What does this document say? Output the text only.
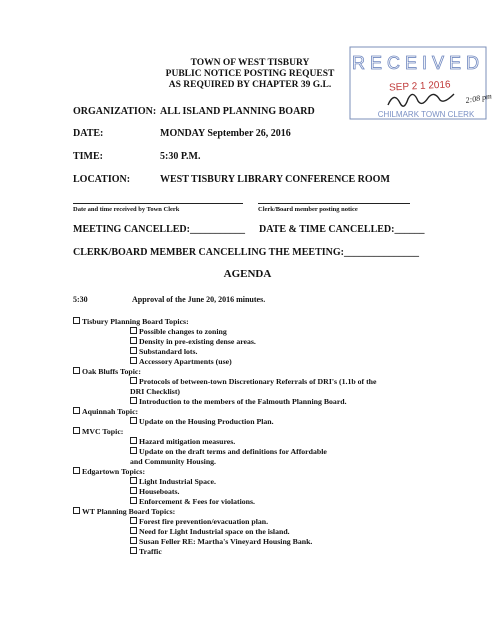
TOWN OF WEST TISBURY
PUBLIC NOTICE POSTING REQUEST
AS REQUIRED BY CHAPTER 39 G.L.
RECEIVED
SEP 2 1 2016
CHILMARK TOWN CLERK
2:08 pm
ORGANIZATION: ALL ISLAND PLANNING BOARD
DATE:	MONDAY September 26, 2016
TIME:	5:30 P.M.
LOCATION:	WEST TISBURY LIBRARY CONFERENCE ROOM
Date and time received by Town Clerk	Clerk/Board member posting notice
MEETING CANCELLED:___________ DATE & TIME CANCELLED:______
CLERK/BOARD MEMBER CANCELLING THE MEETING:_______________
AGENDA
5:30	Approval of the June 20, 2016 minutes.
Tisbury Planning Board Topics:
Possible changes to zoning
Density in pre-existing dense areas.
Substandard lots.
Accessory Apartments (use)
Oak Bluffs Topic:
Protocols of between-town Discretionary Referrals of DRI's (1.1b of the
DRI Checklist)
Introduction to the members of the Falmouth Planning Board.
Aquinnah Topic:
Update on the Housing Production Plan.
MVC Topic:
Hazard mitigation measures.
Update on the draft terms and definitions for Affordable
and Community Housing.
Edgartown Topics:
Light Industrial Space.
Houseboats.
Enforcement & Fees for violations.
WT Planning Board Topics:
Forest fire prevention/evacuation plan.
Need for Light Industrial space on the island.
Susan Feller RE: Martha's Vineyard Housing Bank.
Traffic
